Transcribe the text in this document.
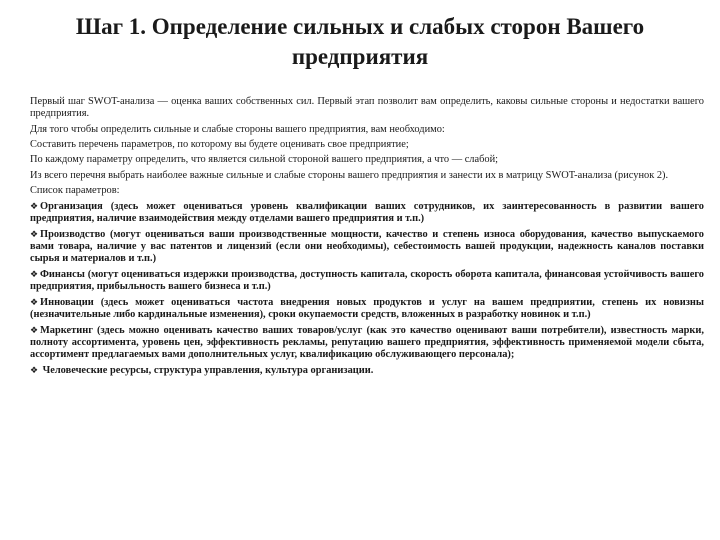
Шаг 1. Определение сильных и слабых сторон Вашего предприятия

Первый шаг SWOT-анализа — оценка ваших собственных сил. Первый этап позволит вам определить, каковы сильные стороны и недостатки вашего предприятия.

Для того чтобы определить сильные и слабые стороны вашего предприятия, вам необходимо:

Составить перечень параметров, по которому вы будете оценивать свое предприятие;

По каждому параметру определить, что является сильной стороной вашего предприятия, а что — слабой;

Из всего перечня выбрать наиболее важные сильные и слабые стороны вашего предприятия и занести их в матрицу SWOT-анализа (рисунок 2).

Список параметров:

❖ Организация (здесь может оцениваться уровень квалификации ваших сотрудников, их заинтересованность в развитии вашего предприятия, наличие взаимодействия между отделами вашего предприятия и т.п.)

❖ Производство (могут оцениваться ваши производственные мощности, качество и степень износа оборудования, качество выпускаемого вами товара, наличие у вас патентов и лицензий (если они необходимы), себестоимость вашей продукции, надежность каналов поставки сырья и материалов и т.п.)

❖ Финансы (могут оцениваться издержки производства, доступность капитала, скорость оборота капитала, финансовая устойчивость вашего предприятия, прибыльность вашего бизнеса и т.п.)

❖ Инновации (здесь может оцениваться частота внедрения новых продуктов и услуг на вашем предприятии, степень их новизны (незначительные либо кардинальные изменения), сроки окупаемости средств, вложенных в разработку новинок и т.п.)

❖ Маркетинг (здесь можно оценивать качество ваших товаров/услуг (как это качество оценивают ваши потребители), известность марки, полноту ассортимента, уровень цен, эффективность рекламы, репутацию вашего предприятия, эффективность применяемой модели сбыта, ассортимент предлагаемых вами дополнительных услуг, квалификацию обслуживающего персонала);

❖ Человеческие ресурсы, структура управления, культура организации.
